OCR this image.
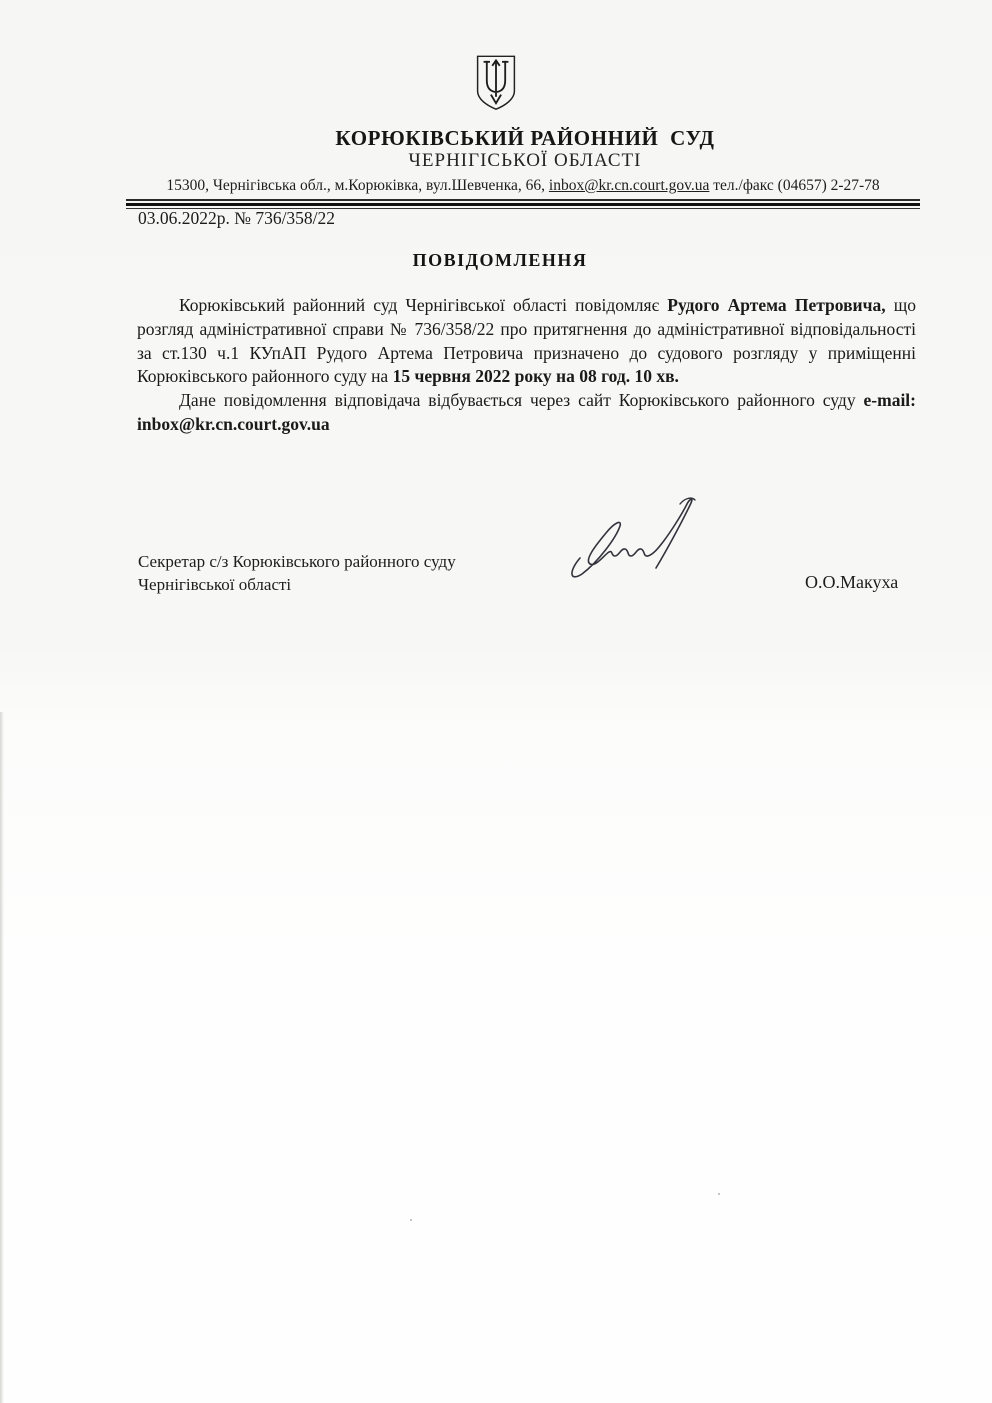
КОРЮКІВСЬКИЙ РАЙОННИЙ  СУД
ЧЕРНІГІСЬКОЇ ОБЛАСТІ
15300, Чернігівська обл., м.Корюківка, вул.Шевченка, 66, inbox@kr.cn.court.gov.ua тел./факс (04657) 2-27-78
03.06.2022р. № 736/358/22
ПОВІДОМЛЕННЯ

Корюківський районний суд Чернігівської області повідомляє Рудого Артема Петровича, що розгляд адміністративної справи № 736/358/22 про притягнення до адміністративної відповідальності за ст.130 ч.1 КУпАП Рудого Артема Петровича призначено до судового розгляду у приміщенні Корюківського районного суду на 15 червня 2022 року на 08 год. 10 хв.

Дане повідомлення відповідача відбувається через сайт Корюківського районного суду e-mail: inbox@kr.cn.court.gov.ua

Секретар с/з Корюківського районного суду
Чернігівської області	О.О.Макуха
